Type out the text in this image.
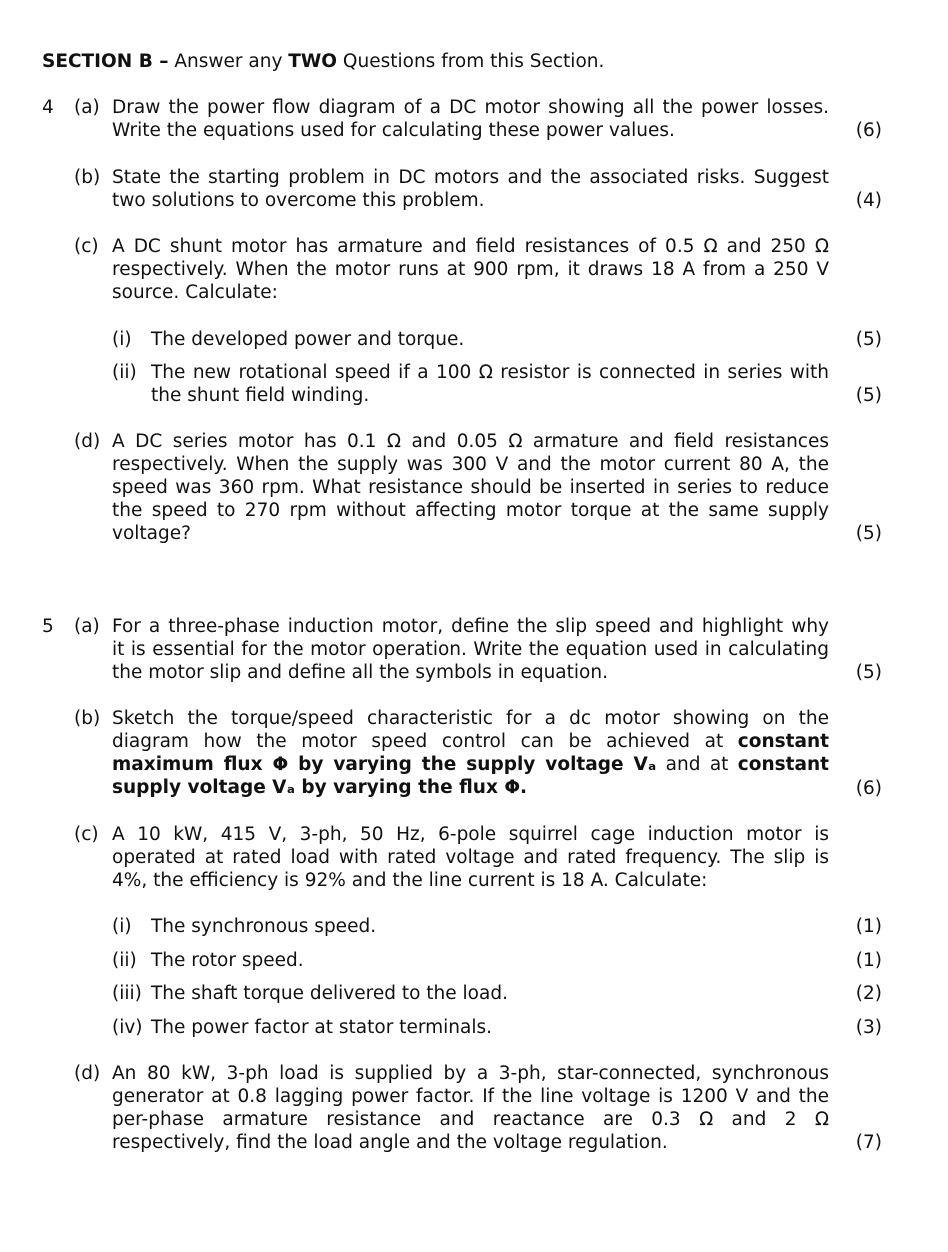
SECTION B – Answer any TWO Questions from this Section.
4 (a) Draw the power flow diagram of a DC motor showing all the power losses.
Write the equations used for calculating these power values.	(6)
(b) State the starting problem in DC motors and the associated risks. Suggest
two solutions to overcome this problem.	(4)
(c) A DC shunt motor has armature and field resistances of 0.5 Ω and 250 Ω
respectively. When the motor runs at 900 rpm, it draws 18 A from a 250 V
source. Calculate:
(i) The developed power and torque.	(5)
(ii) The new rotational speed if a 100 Ω resistor is connected in series with
the shunt field winding.	(5)
(d) A DC series motor has 0.1 Ω and 0.05 Ω armature and field resistances
respectively. When the supply was 300 V and the motor current 80 A, the
speed was 360 rpm. What resistance should be inserted in series to reduce
the speed to 270 rpm without affecting motor torque at the same supply
voltage?	(5)
5 (a) For a three-phase induction motor, define the slip speed and highlight why
it is essential for the motor operation. Write the equation used in calculating
the motor slip and define all the symbols in equation.	(5)
(b) Sketch the torque/speed characteristic for a dc motor showing on the
diagram how the motor speed control can be achieved at constant
maximum flux Φ by varying the supply voltage Vₐ and at constant
supply voltage Vₐ by varying the flux Φ.	(6)
(c) A 10 kW, 415 V, 3-ph, 50 Hz, 6-pole squirrel cage induction motor is
operated at rated load with rated voltage and rated frequency. The slip is
4%, the efficiency is 92% and the line current is 18 A. Calculate:
(i) The synchronous speed.	(1)
(ii) The rotor speed.	(1)
(iii) The shaft torque delivered to the load.	(2)
(iv) The power factor at stator terminals.	(3)
(d) An 80 kW, 3-ph load is supplied by a 3-ph, star-connected, synchronous
generator at 0.8 lagging power factor. If the line voltage is 1200 V and the
per-phase armature resistance and reactance are 0.3 Ω and 2 Ω
respectively, find the load angle and the voltage regulation.	(7)
